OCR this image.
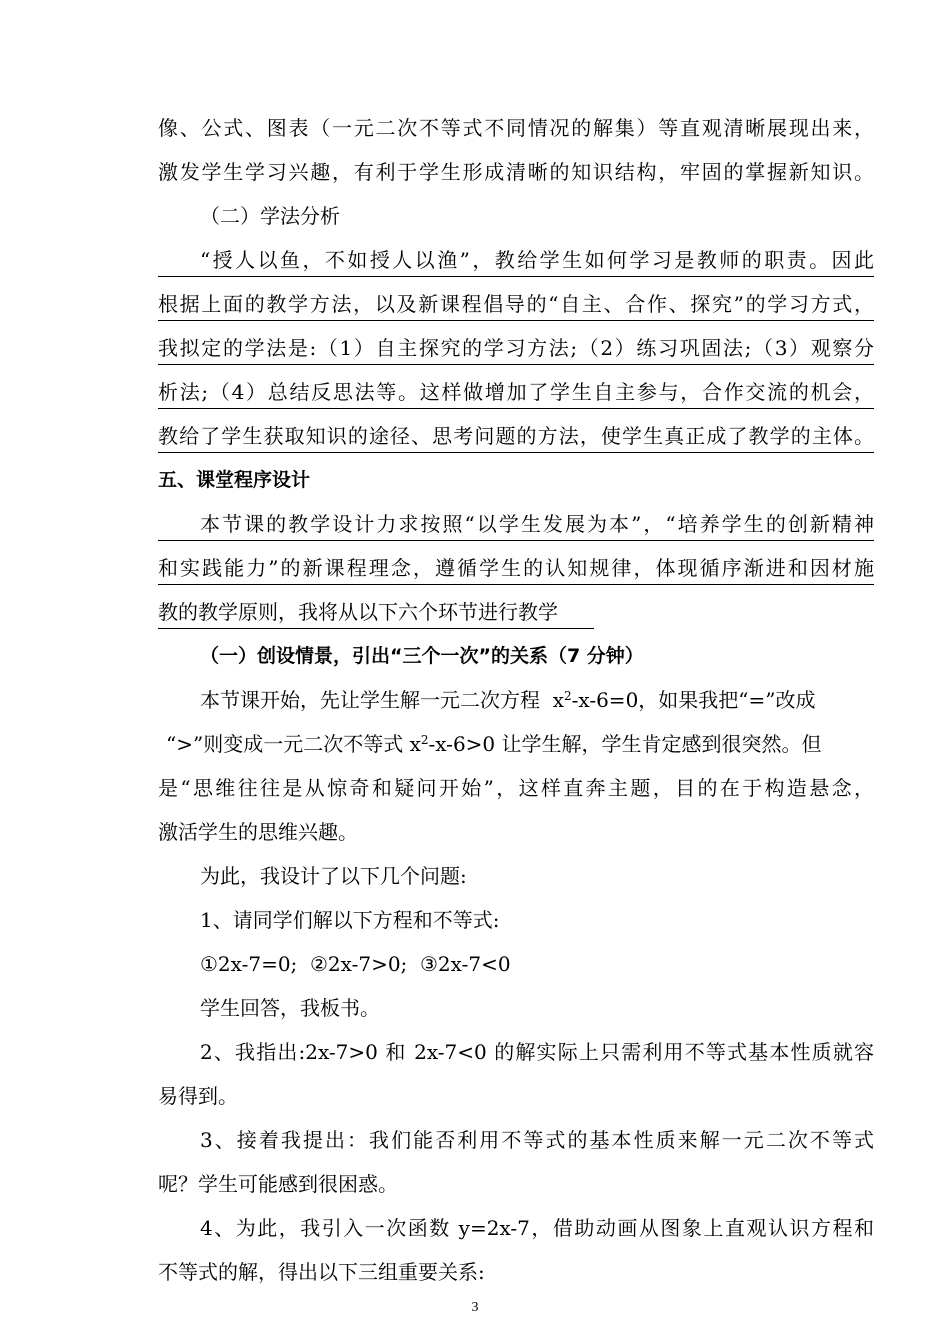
像、公式、图表（一元二次不等式不同情况的解集）等直观清晰展现出来，
激发学生学习兴趣，有利于学生形成清晰的知识结构，牢固的掌握新知识。
（二）学法分析
“授人以鱼，不如授人以渔”，教给学生如何学习是教师的职责。因此
根据上面的教学方法，以及新课程倡导的“自主、合作、探究”的学习方式，
我拟定的学法是:（1）自主探究的学习方法;（2）练习巩固法;（3）观察分
析法;（4）总结反思法等。这样做增加了学生自主参与，合作交流的机会，
教给了学生获取知识的途径、思考问题的方法，使学生真正成了教学的主体。
五、课堂程序设计
本节课的教学设计力求按照“以学生发展为本”，“培养学生的创新精神
和实践能力”的新课程理念，遵循学生的认知规律，体现循序渐进和因材施
教的教学原则，我将从以下六个环节进行教学
（一）创设情景，引出“三个一次”的关系（7 分钟）
本节课开始，先让学生解一元二次方程 $x^2-x-6=0$，如果我把“=”改成
“>”则变成一元二次不等式 $x^2-x-6>0$ 让学生解，学生肯定感到很突然。但
是“思维往往是从惊奇和疑问开始”，这样直奔主题，目的在于构造悬念，
激活学生的思维兴趣。
为此，我设计了以下几个问题:
1、请同学们解以下方程和不等式:
①2x-7=0;  ②2x-7>0;  ③2x-7<0
学生回答，我板书。
2、我指出:2x-7>0 和 2x-7<0 的解实际上只需利用不等式基本性质就容
易得到。
3、接着我提出：我们能否利用不等式的基本性质来解一元二次不等式
呢？学生可能感到很困惑。
4、为此，我引入一次函数 y=2x-7，借助动画从图象上直观认识方程和
不等式的解，得出以下三组重要关系:
3
